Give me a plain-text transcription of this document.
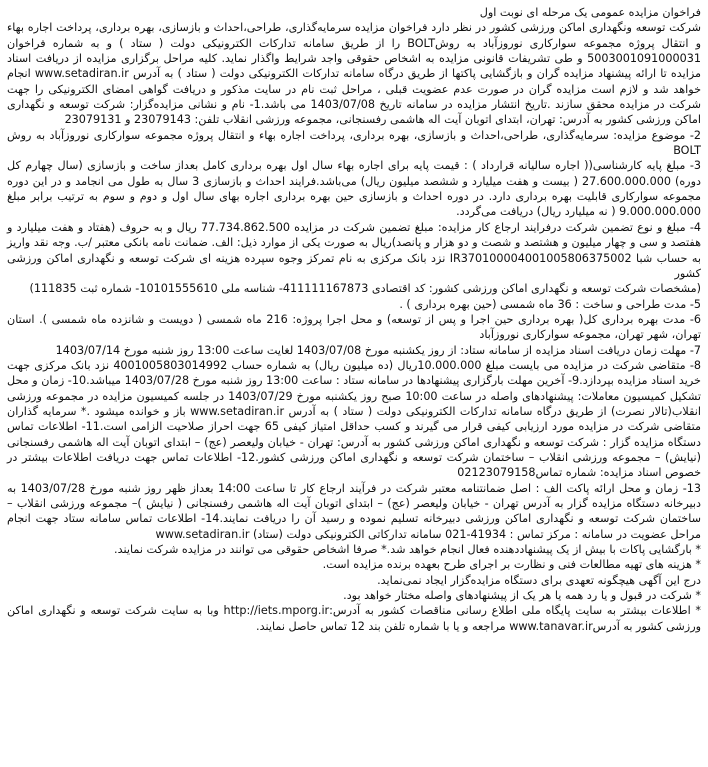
فراخوان مزایده عمومی یک مرحله ای نوبت اول

شرکت توسعه ونگهداری اماکن ورزشی کشور در نظر دارد فراخوان مزایده سرمایه‌گذاری، طراحی،احداث و بازسازی، بهره برداری، پرداخت اجاره بهاء و انتقال پروژه مجموعه سوارکاری نوروزآباد به روشBOLT را از طریق سامانه تدارکات الکترونیکی دولت ( ستاد ) و به شماره فراخوان 5003001091000031 و طی تشریفات قانونی مزایده به اشخاص حقوقی واجد شرایط واگذار نماید. کلیه مراحل برگزاری مزایده از دریافت اسناد مزایده تا ارائه پیشنهاد مزایده گران و بازگشایی پاکتها از طریق درگاه سامانه تدارکات الکترونیکی دولت ( ستاد ) به آدرس www.setadiran.ir انجام خواهد شد و لازم است مزایده گران در صورت عدم عضویت قبلی ، مراحل ثبت نام در سایت مذکور و دریافت گواهی امضای الکترونیکی را جهت شرکت در مزایده محقق سازند .تاریخ انتشار مزایده در سامانه تاریخ 1403/07/08 می باشد.1- نام و نشانی مزایده‌گزار: شرکت توسعه و نگهداری اماکن ورزشی کشور به آدرس: تهران، ابتدای اتوبان آیت اله هاشمی رفسنجانی، مجموعه ورزشی انقلاب تلفن: 23079143 و 23079131

2- موضوع مزایده: سرمایه‌گذاری، طراحی،احداث و بازسازی، بهره برداری، پرداخت اجاره بهاء و انتقال پروژه مجموعه سوارکاری نوروزآباد به روش BOLT

3- مبلغ پایه کارشناسی(( اجاره سالیانه قرارداد ) : قیمت پایه برای اجاره بهاء سال اول بهره برداری کامل بعداز ساخت و بازسازی (سال چهارم کل دوره) 27.600.000.000 ( بیست و هفت میلیارد و ششصد میلیون ریال) می‌باشد.فرایند احداث و بازسازی 3 سال به طول می انجامد و در این دوره مجموعه سوارکاری قابلیت بهره برداری دارد. در دوره احداث و بازسازی حین بهره برداری اجاره بهای سال اول و دوم و سوم به ترتیب برابر مبلغ 9.000.000.000 ( نه میلیارد ریال) دریافت می‌گردد.

4- مبلغ و نوع تضمین شرکت درفرایند ارجاع کار مزایده: مبلغ تضمین شرکت در مزایده 77.734.862.500 ریال و به حروف (هفتاد و هفت میلیارد و هفتصد و سی و چهار میلیون و هشتصد و شصت و دو هزار و پانصد)ریال به صورت یکی از موارد ذیل: الف. ضمانت نامه بانکی معتبر /ب. وجه نقد واریز به حساب شبا IR370100004001005806375002 نزد بانک مرکزی به نام تمرکز وجوه سپرده هزینه ای شرکت توسعه و نگهداری اماکن ورزشی کشور

(مشخصات شرکت توسعه و نگهداری اماکن ورزشی کشور: کد اقتصادی 411111167873- شناسه ملی 10101555610- شماره ثبت 111835)

5- مدت طراحی و ساخت : 36 ماه شمسی (حین بهره برداری ) .

6- مدت بهره برداری کل( بهره برداری حین اجرا و پس از توسعه) و محل اجرا پروژه: 216 ماه شمسی ( دویست و شانزده ماه شمسی ). استان تهران، شهر تهران، مجموعه سوارکاری نوروزآباد

7- مهلت زمان دریافت اسناد مزایده از سامانه ستاد: از روز یکشنبه مورخ 1403/07/08 لغایت ساعت 13:00 روز شنبه مورخ 1403/07/14

8- متقاضی شرکت در مزایده می بایست مبلغ 10.000.000ریال (ده میلیون ریال) به شماره حساب 4001005803014992 نزد بانک مرکزی جهت خرید اسناد مزایده بپردازد.9- آخرین مهلت بارگزاری پیشنهادها در سامانه ستاد : ساعت 13:00 روز شنبه مورخ 1403/07/28 میباشد.10- زمان و محل تشکیل کمیسیون معاملات: پیشنهادهای واصله در ساعت 10:00 صبح روز یکشنبه مورخ 1403/07/29 در جلسه کمیسیون مزایده در مجموعه ورزشی انقلاب(تالار نصرت) از طریق درگاه سامانه تدارکات الکترونیکی دولت ( ستاد ) به آدرس www.setadiran.ir باز و خوانده میشود .* سرمایه گذاران متقاضی شرکت در مزایده مورد ارزیابی کیفی قرار می گیرند و کسب حداقل امتیاز کیفی 65 جهت احراز صلاحیت الزامی است.11- اطلاعات تماس دستگاه مزایده گزار : شرکت توسعه و نگهداری اماکن ورزشی کشور به آدرس: تهران - خیابان ولیعصر (عج) – ابتدای اتوبان آیت اله هاشمی رفسنجانی (نیایش) – مجموعه ورزشی انقلاب – ساختمان شرکت توسعه و نگهداری اماکن ورزشی کشور.12- اطلاعات تماس جهت دریافت اطلاعات بیشتر در خصوص اسناد مزایده: شماره تماس02123079158

13- زمان و محل ارائه پاکت الف : اصل ضمانتنامه معتبر شرکت در فرآیند ارجاع کار تا ساعت 14:00 بعداز ظهر روز شنبه مورخ 1403/07/28 به دبیرخانه دستگاه مزایده گزار به آدرس تهران - خیابان ولیعصر (عج) – ابتدای اتوبان آیت اله هاشمی رفسنجانی ( نیایش )– مجموعه ورزشی انقلاب – ساختمان شرکت توسعه و نگهداری اماکن ورزشی دبیرخانه تسلیم نموده و رسید آن را دریافت نمایند.14- اطلاعات تماس سامانه ستاد جهت انجام مراحل عضویت در سامانه : مرکز تماس : 41934-021 سامانه تدارکاتی الکترونیکی دولت (ستاد) www.setadiran.ir

* بارگشایی پاکات با بیش از یک پیشنهاددهنده فعال انجام خواهد شد.* صرفا اشخاص حقوقی می توانند در مزایده شرکت نمایند.

* هزینه های تهیه مطالعات فنی و نظارت بر اجرای طرح بعهده برنده مزایده است.

درج این آگهی هیچگونه تعهدی برای دستگاه مزایده‌گزار ایجاد نمی‌نماید.

* شرکت در قبول و یا رد همه یا هر یک از پیشنهادهای واصله مختار خواهد بود.

* اطلاعات بیشتر به سایت پایگاه ملی اطلاع رسانی مناقصات کشور به آدرس:http://iets.mporg.ir وبا به سایت شرکت توسعه و نگهداری اماکن ورزشی کشور به آدرسwww.tanavar.ir مراجعه و یا با شماره تلفن بند 12 تماس حاصل نمایند.
